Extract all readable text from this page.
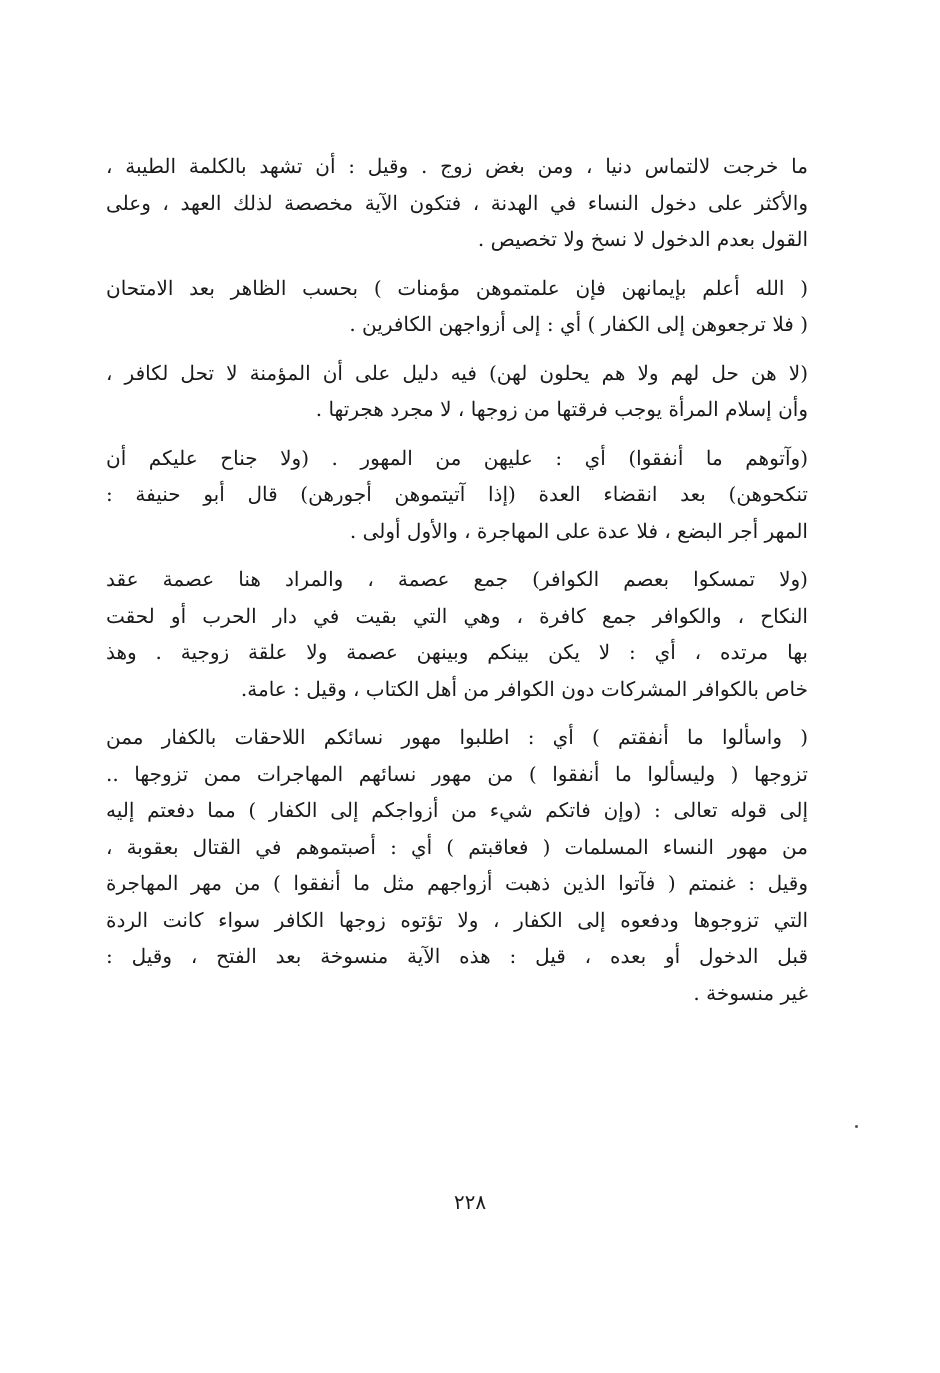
ما خرجت لالتماس دنيا ، ومن بغض زوج . وقيل : أن تشهد بالكلمة الطيبة ،
والأكثر على دخول النساء في الهدنة ، فتكون الآية مخصصة لذلك العهد ، وعلى
القول بعدم الدخول لا نسخ ولا تخصيص .
( الله أعلم بإيمانهن فإن علمتموهن مؤمنات ) بحسب الظاهر بعد الامتحان
( فلا ترجعوهن إلى الكفار ) أي : إلى أزواجهن الكافرين .
(لا هن حل لهم ولا هم يحلون لهن) فيه دليل على أن المؤمنة لا تحل لكافر ،
وأن إسلام المرأة يوجب فرقتها من زوجها ، لا مجرد هجرتها .
(وآتوهم ما أنفقوا) أي : عليهن من المهور . (ولا جناح عليكم أن
تنكحوهن) بعد انقضاء العدة (إذا آتيتموهن أجورهن) قال أبو حنيفة :
المهر أجر البضع ، فلا عدة على المهاجرة ، والأول أولى .
(ولا تمسكوا بعصم الكوافر) جمع عصمة ، والمراد هنا عصمة عقد
النكاح ، والكوافر جمع كافرة ، وهي التي بقيت في دار الحرب أو لحقت
بها مرتده ، أي : لا يكن بينكم وبينهن عصمة ولا علقة زوجية . وهذ
خاص بالكوافر المشركات دون الكوافر من أهل الكتاب ، وقيل : عامة.
( واسألوا ما أنفقتم ) أي : اطلبوا مهور نسائكم اللاحقات بالكفار ممن
تزوجها ( وليسألوا ما أنفقوا ) من مهور نسائهم المهاجرات ممن تزوجها ..
إلى قوله تعالى : (وإن فاتكم شيء من أزواجكم إلى الكفار ) مما دفعتم إليه
من مهور النساء المسلمات ( فعاقبتم ) أي : أصبتموهم في القتال بعقوبة ،
وقيل : غنمتم ( فآتوا الذين ذهبت أزواجهم مثل ما أنفقوا ) من مهر المهاجرة
التي تزوجوها ودفعوه إلى الكفار ، ولا تؤتوه زوجها الكافر سواء كانت الردة
قبل الدخول أو بعده ، قيل : هذه الآية منسوخة بعد الفتح ، وقيل :
غير منسوخة .
٢٢٨
